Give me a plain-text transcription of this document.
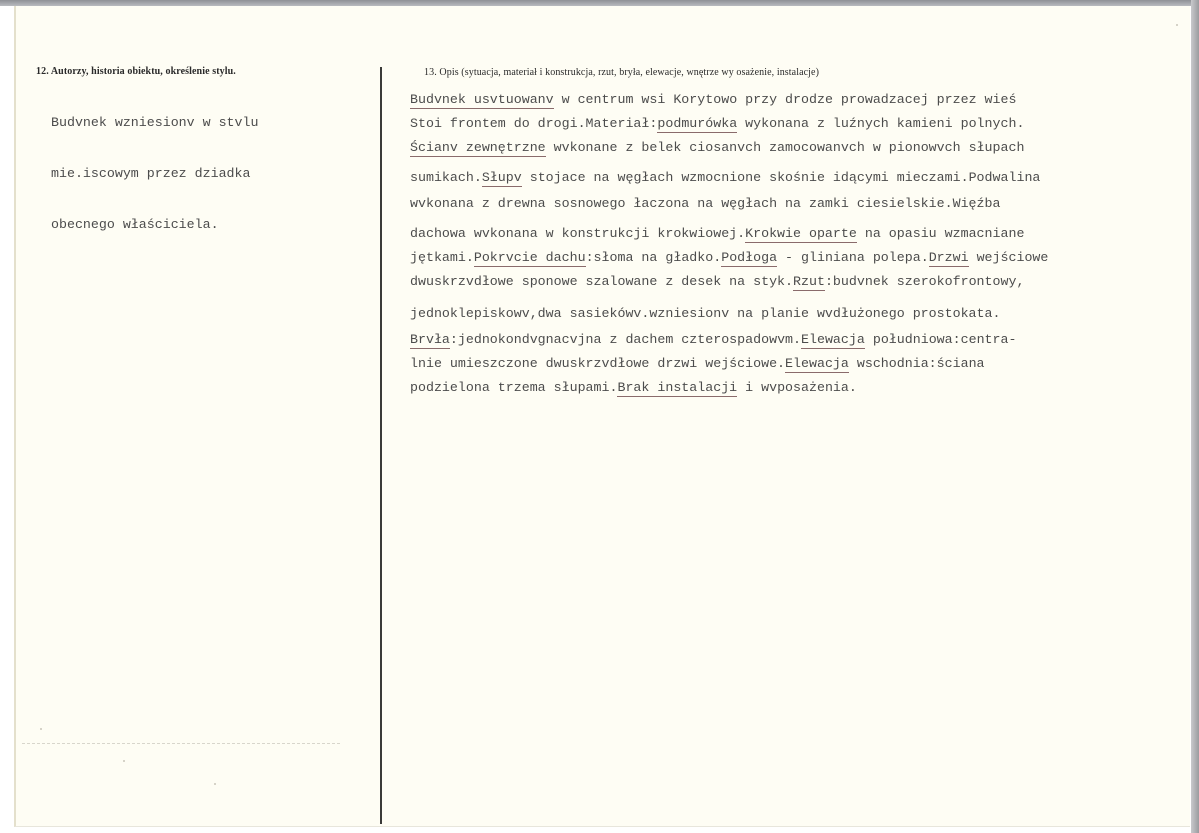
12. Autorzy, historia obiektu, określenie stylu.

Budvnek wzniesionv w stvlu

mie.iscowym przez dziadka

obecnego właściciela.

13. Opis (sytuacja, materiał i konstrukcja, rzut, bryła, elewacje, wnętrze wy osażenie, instalacje)
Budvnek usvtuowanv w centrum wsi Korytowo przy drodze prowadzacej przez wieś
Stoi frontem do drogi.Materiał:podmurówka wykonana z luźnych kamieni polnych.
Ścianv zewnętrzne wvkonane z belek ciosanvch zamocowanvch w pionowvch słupach
sumikach.Słupv stojace na węgłach wzmocnione skośnie idącymi mieczami.Podwalina
wvkonana z drewna sosnowego łaczona na węgłach na zamki ciesielskie.Więźba
dachowa wvkonana w konstrukcji krokwiowej.Krokwie oparte na opasiu wzmacniane
jętkami.Pokrvcie dachu:słoma na gładko.Podłoga - gliniana polepa.Drzwi wejściowe
dwuskrzvdłowe sponowe szalowane z desek na styk.Rzut:budvnek szerokofrontowy,
jednoklepiskowv,dwa sasiekówv.wzniesionv na planie wvdłużonego prostokata.
Brvła:jednokondvgnacvjna z dachem czterospadowvm.Elewacja południowa:centra-
lnie umieszczone dwuskrzvdłowe drzwi wejściowe.Elewacja wschodnia:ściana
podzielona trzema słupami.Brak instalacji i wvposażenia.
